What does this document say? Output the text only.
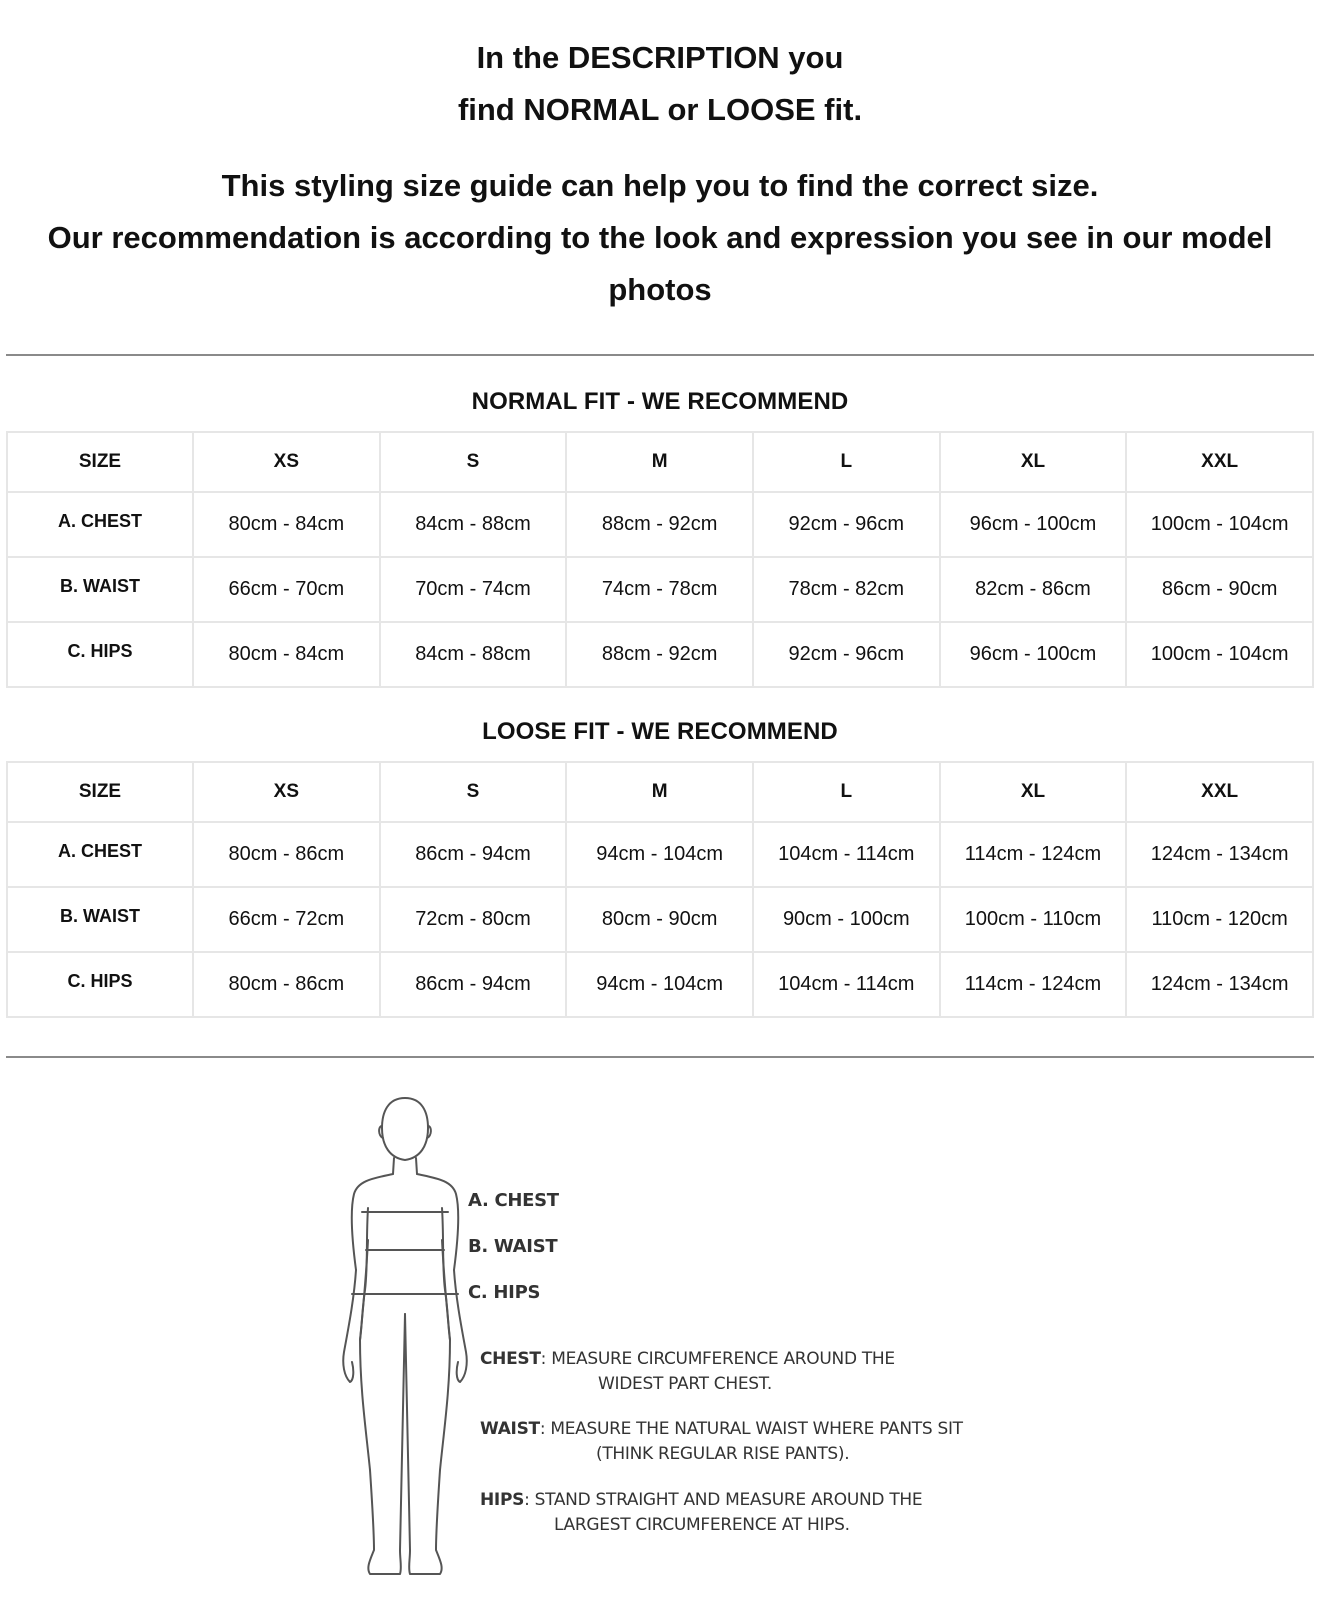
In the DESCRIPTION you
find NORMAL or LOOSE fit.
This styling size guide can help you to find the correct size.
Our recommendation is according to the look and expression you see in our model
photos
NORMAL FIT - WE RECOMMEND
SIZE	XS	S	M	L	XL	XXL
A. CHEST	80cm - 84cm	84cm - 88cm	88cm - 92cm	92cm - 96cm	96cm - 100cm	100cm - 104cm
B. WAIST	66cm - 70cm	70cm - 74cm	74cm - 78cm	78cm - 82cm	82cm - 86cm	86cm - 90cm
C. HIPS	80cm - 84cm	84cm - 88cm	88cm - 92cm	92cm - 96cm	96cm - 100cm	100cm - 104cm
LOOSE FIT - WE RECOMMEND
SIZE	XS	S	M	L	XL	XXL
A. CHEST	80cm - 86cm	86cm - 94cm	94cm - 104cm	104cm - 114cm	114cm - 124cm	124cm - 134cm
B. WAIST	66cm - 72cm	72cm - 80cm	80cm - 90cm	90cm - 100cm	100cm - 110cm	110cm - 120cm
C. HIPS	80cm - 86cm	86cm - 94cm	94cm - 104cm	104cm - 114cm	114cm - 124cm	124cm - 134cm
A. CHEST
B. WAIST
C. HIPS
CHEST: MEASURE CIRCUMFERENCE AROUND THE
WIDEST PART CHEST.
WAIST: MEASURE THE NATURAL WAIST WHERE PANTS SIT
(THINK REGULAR RISE PANTS).
HIPS: STAND STRAIGHT AND MEASURE AROUND THE
LARGEST CIRCUMFERENCE AT HIPS.
